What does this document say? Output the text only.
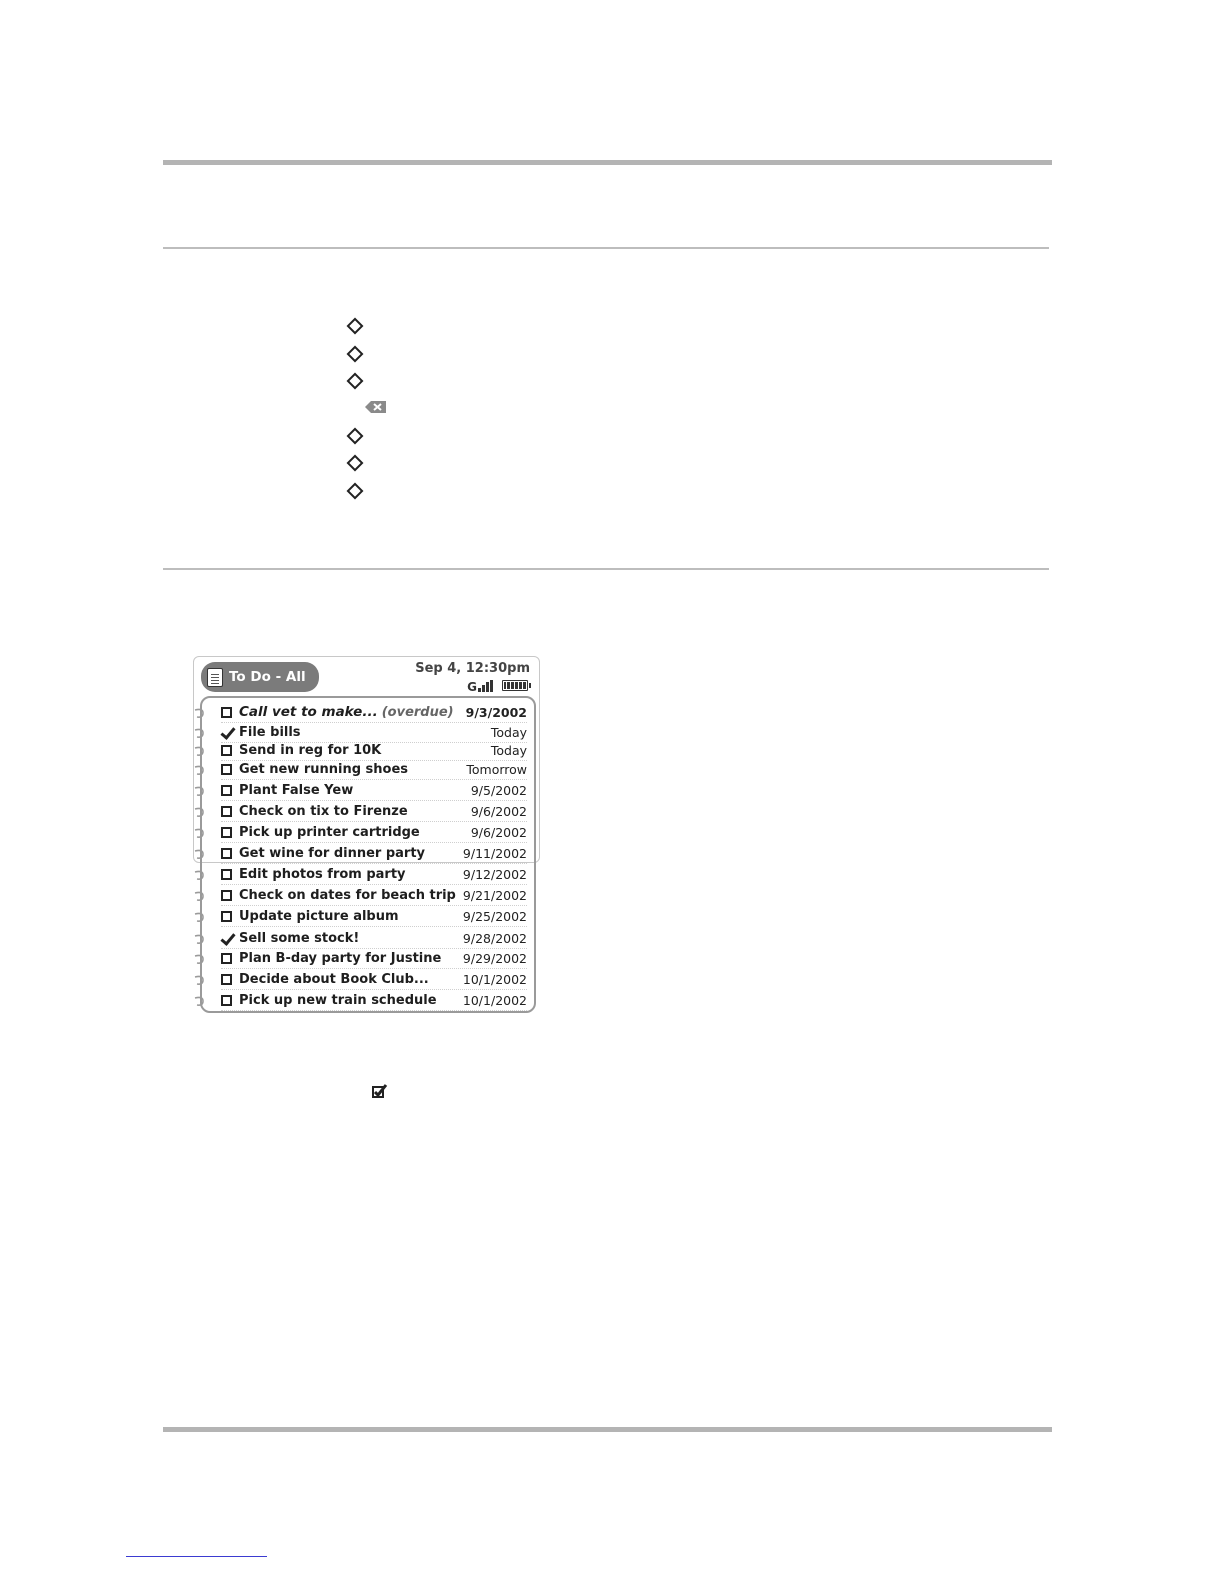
To Do - All
Sep 4, 12:30pm
G
Call vet to make... (overdue) 9/3/2002
File bills	Today
Send in reg for 10K	Today
Get new running shoes	Tomorrow
Plant False Yew	9/5/2002
Check on tix to Firenze	9/6/2002
Pick up printer cartridge	9/6/2002
Get wine for dinner party	9/11/2002
Edit photos from party	9/12/2002
Check on dates for beach trip 9/21/2002
Update picture album	9/25/2002
Sell some stock!	9/28/2002
Plan B-day party for Justine	9/29/2002
Decide about Book Club...	10/1/2002
Pick up new train schedule	10/1/2002
